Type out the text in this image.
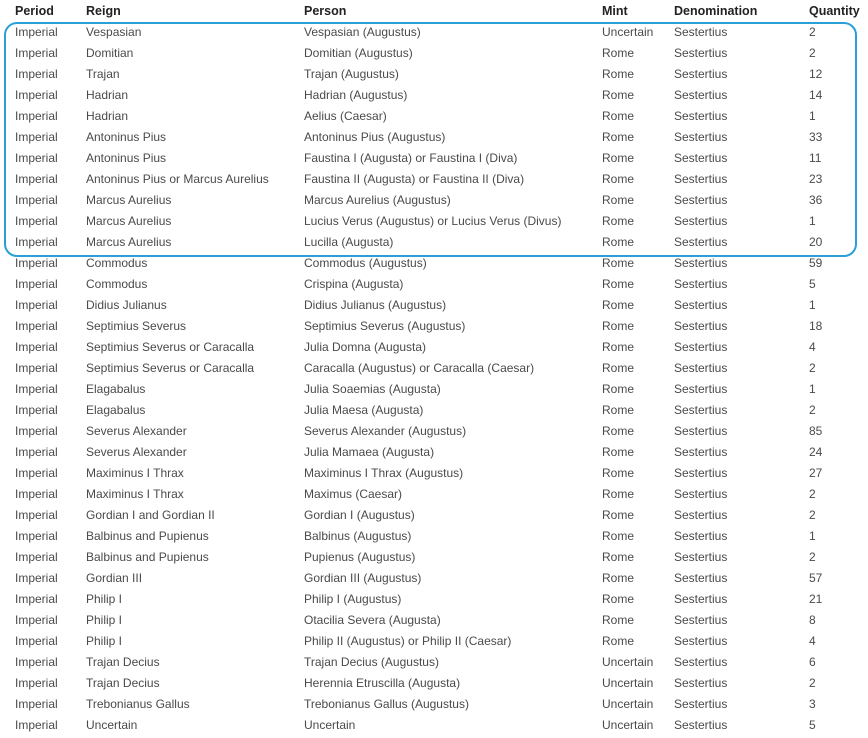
Period	Reign	Person	Mint	Denomination	Quantity
Imperial	Vespasian	Vespasian (Augustus)	Uncertain	Sestertius	2
Imperial	Domitian	Domitian (Augustus)	Rome	Sestertius	2
Imperial	Trajan	Trajan (Augustus)	Rome	Sestertius	12
Imperial	Hadrian	Hadrian (Augustus)	Rome	Sestertius	14
Imperial	Hadrian	Aelius (Caesar)	Rome	Sestertius	1
Imperial	Antoninus Pius	Antoninus Pius (Augustus)	Rome	Sestertius	33
Imperial	Antoninus Pius	Faustina I (Augusta) or Faustina I (Diva)	Rome	Sestertius	11
Imperial	Antoninus Pius or Marcus Aurelius	Faustina II (Augusta) or Faustina II (Diva)	Rome	Sestertius	23
Imperial	Marcus Aurelius	Marcus Aurelius (Augustus)	Rome	Sestertius	36
Imperial	Marcus Aurelius	Lucius Verus (Augustus) or Lucius Verus (Divus)	Rome	Sestertius	1
Imperial	Marcus Aurelius	Lucilla (Augusta)	Rome	Sestertius	20
Imperial	Commodus	Commodus (Augustus)	Rome	Sestertius	59
Imperial	Commodus	Crispina (Augusta)	Rome	Sestertius	5
Imperial	Didius Julianus	Didius Julianus (Augustus)	Rome	Sestertius	1
Imperial	Septimius Severus	Septimius Severus (Augustus)	Rome	Sestertius	18
Imperial	Septimius Severus or Caracalla	Julia Domna (Augusta)	Rome	Sestertius	4
Imperial	Septimius Severus or Caracalla	Caracalla (Augustus) or Caracalla (Caesar)	Rome	Sestertius	2
Imperial	Elagabalus	Julia Soaemias (Augusta)	Rome	Sestertius	1
Imperial	Elagabalus	Julia Maesa (Augusta)	Rome	Sestertius	2
Imperial	Severus Alexander	Severus Alexander (Augustus)	Rome	Sestertius	85
Imperial	Severus Alexander	Julia Mamaea (Augusta)	Rome	Sestertius	24
Imperial	Maximinus I Thrax	Maximinus I Thrax (Augustus)	Rome	Sestertius	27
Imperial	Maximinus I Thrax	Maximus (Caesar)	Rome	Sestertius	2
Imperial	Gordian I and Gordian II	Gordian I (Augustus)	Rome	Sestertius	2
Imperial	Balbinus and Pupienus	Balbinus (Augustus)	Rome	Sestertius	1
Imperial	Balbinus and Pupienus	Pupienus (Augustus)	Rome	Sestertius	2
Imperial	Gordian III	Gordian III (Augustus)	Rome	Sestertius	57
Imperial	Philip I	Philip I (Augustus)	Rome	Sestertius	21
Imperial	Philip I	Otacilia Severa (Augusta)	Rome	Sestertius	8
Imperial	Philip I	Philip II (Augustus) or Philip II (Caesar)	Rome	Sestertius	4
Imperial	Trajan Decius	Trajan Decius (Augustus)	Uncertain	Sestertius	6
Imperial	Trajan Decius	Herennia Etruscilla (Augusta)	Uncertain	Sestertius	2
Imperial	Trebonianus Gallus	Trebonianus Gallus (Augustus)	Uncertain	Sestertius	3
Imperial	Uncertain	Uncertain	Uncertain	Sestertius	5
